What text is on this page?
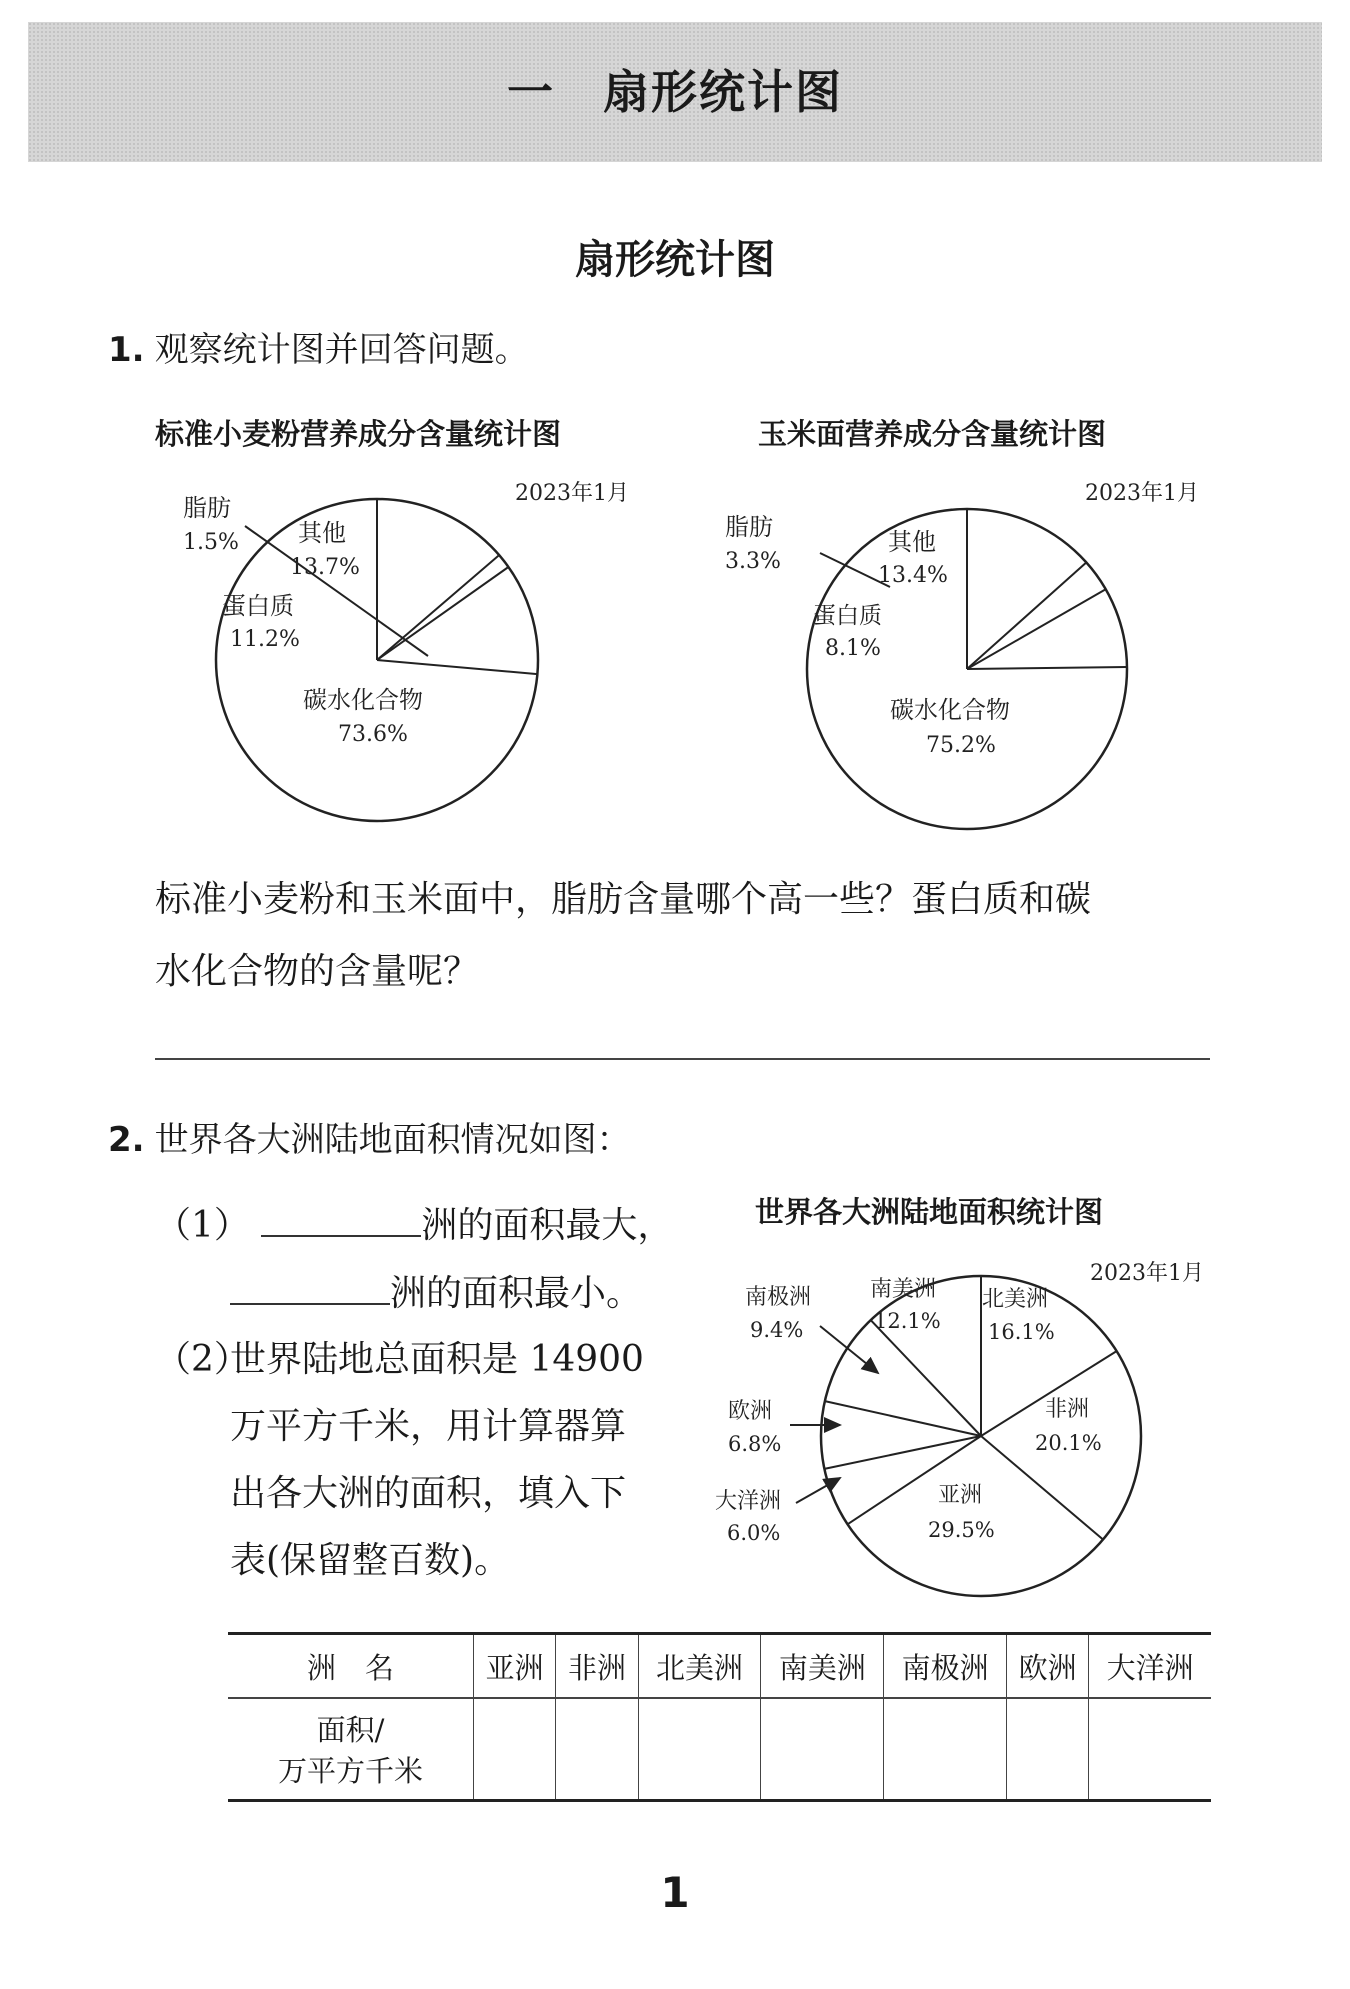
一　扇形统计图
扇形统计图
1. 观察统计图并回答问题。
标准小麦粉营养成分含量统计图	玉米面营养成分含量统计图
2023年1月
脂肪
1.5% 其他
13.7%
蛋白质
11.2%
碳水化合物
73.6%
2023年1月
脂肪
3.3%
其他
13.4%
蛋白质
8.1%
碳水化合物
75.2%
标准小麦粉和玉米面中，脂肪含量哪个高一些？蛋白质和碳
水化合物的含量呢？
2. 世界各大洲陆地面积情况如图：
（1）	洲的面积最大，
洲的面积最小。
（2）
世界陆地总面积是 14900
万平方千米，用计算器算
出各大洲的面积，填入下
表(保留整百数)。
世界各大洲陆地面积统计图
2023年1月
南极洲
9.4%
南美洲
12.1%
北美洲
16.1%
欧洲
6.8%
非洲
20.1%
大洋洲
6.0%
亚洲
29.5%
洲　名	亚洲	非洲	北美洲	南美洲	南极洲	欧洲	大洋洲

面积/
万平方千米							

1
